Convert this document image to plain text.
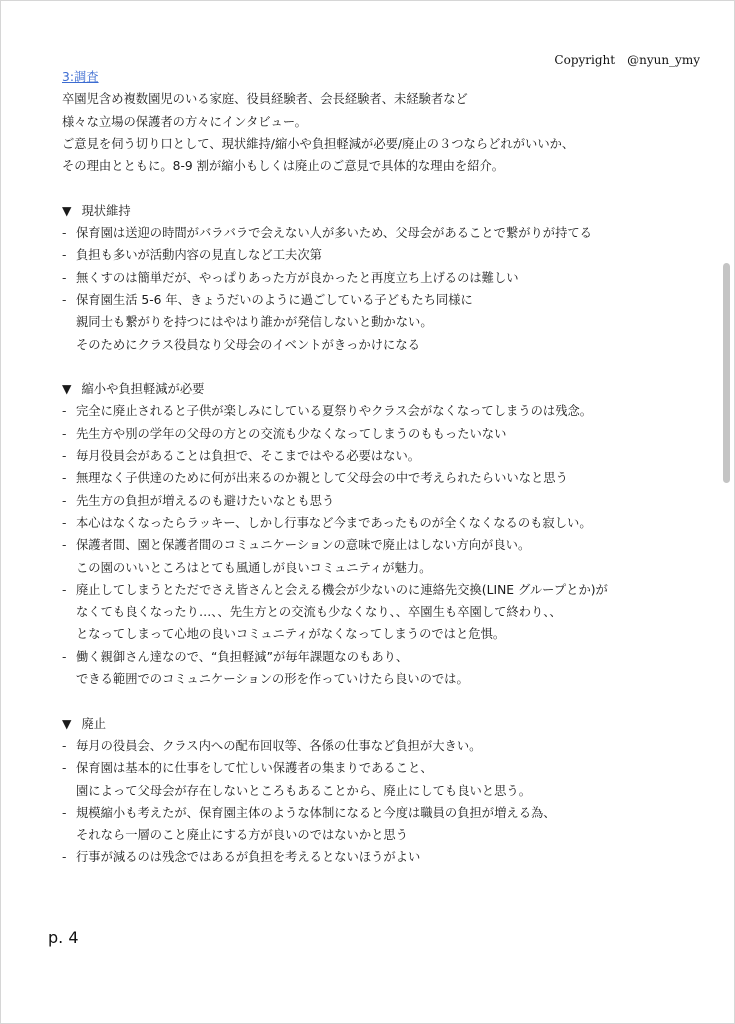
Copyright　@nyun_ymy
3:調査
卒園児含め複数園児のいる家庭、役員経験者、会長経験者、未経験者など
様々な立場の保護者の方々にインタビュー。
ご意見を伺う切り口として、現状維持/縮小や負担軽減が必要/廃止の３つならどれがいいか、
その理由とともに。8-9 割が縮小もしくは廃止のご意見で具体的な理由を紹介。
▼ 現状維持
- 保育園は送迎の時間がバラバラで会えない人が多いため、父母会があることで繋がりが持てる
- 負担も多いが活動内容の見直しなど工夫次第
- 無くすのは簡単だが、やっぱりあった方が良かったと再度立ち上げるのは難しい
- 保育園生活 5-6 年、きょうだいのように過ごしている子どもたち同様に
親同士も繋がりを持つにはやはり誰かが発信しないと動かない。
そのためにクラス役員なり父母会のイベントがきっかけになる
▼ 縮小や負担軽減が必要
- 完全に廃止されると子供が楽しみにしている夏祭りやクラス会がなくなってしまうのは残念。
- 先生方や別の学年の父母の方との交流も少なくなってしまうのももったいない
- 毎月役員会があることは負担で、そこまではやる必要はない。
- 無理なく子供達のために何が出来るのか親として父母会の中で考えられたらいいなと思う
- 先生方の負担が増えるのも避けたいなとも思う
- 本心はなくなったらラッキー、しかし行事など今まであったものが全くなくなるのも寂しい。
- 保護者間、園と保護者間のコミュニケーションの意味で廃止はしない方向が良い。
この園のいいところはとても風通しが良いコミュニティが魅力。
- 廃止してしまうとただでさえ皆さんと会える機会が少ないのに連絡先交換(LINE グループとか)が
なくても良くなったり…、、先生方との交流も少なくなり、、卒園生も卒園して終わり、、
となってしまって心地の良いコミュニティがなくなってしまうのではと危惧。
- 働く親御さん達なので、“負担軽減”が毎年課題なのもあり、
できる範囲でのコミュニケーションの形を作っていけたら良いのでは。
▼ 廃止
- 毎月の役員会、クラス内への配布回収等、各係の仕事など負担が大きい。
- 保育園は基本的に仕事をして忙しい保護者の集まりであること、
園によって父母会が存在しないところもあることから、廃止にしても良いと思う。
- 規模縮小も考えたが、保育園主体のような体制になると今度は職員の負担が増える為、
それなら一層のこと廃止にする方が良いのではないかと思う
- 行事が減るのは残念ではあるが負担を考えるとないほうがよい
p. 4
